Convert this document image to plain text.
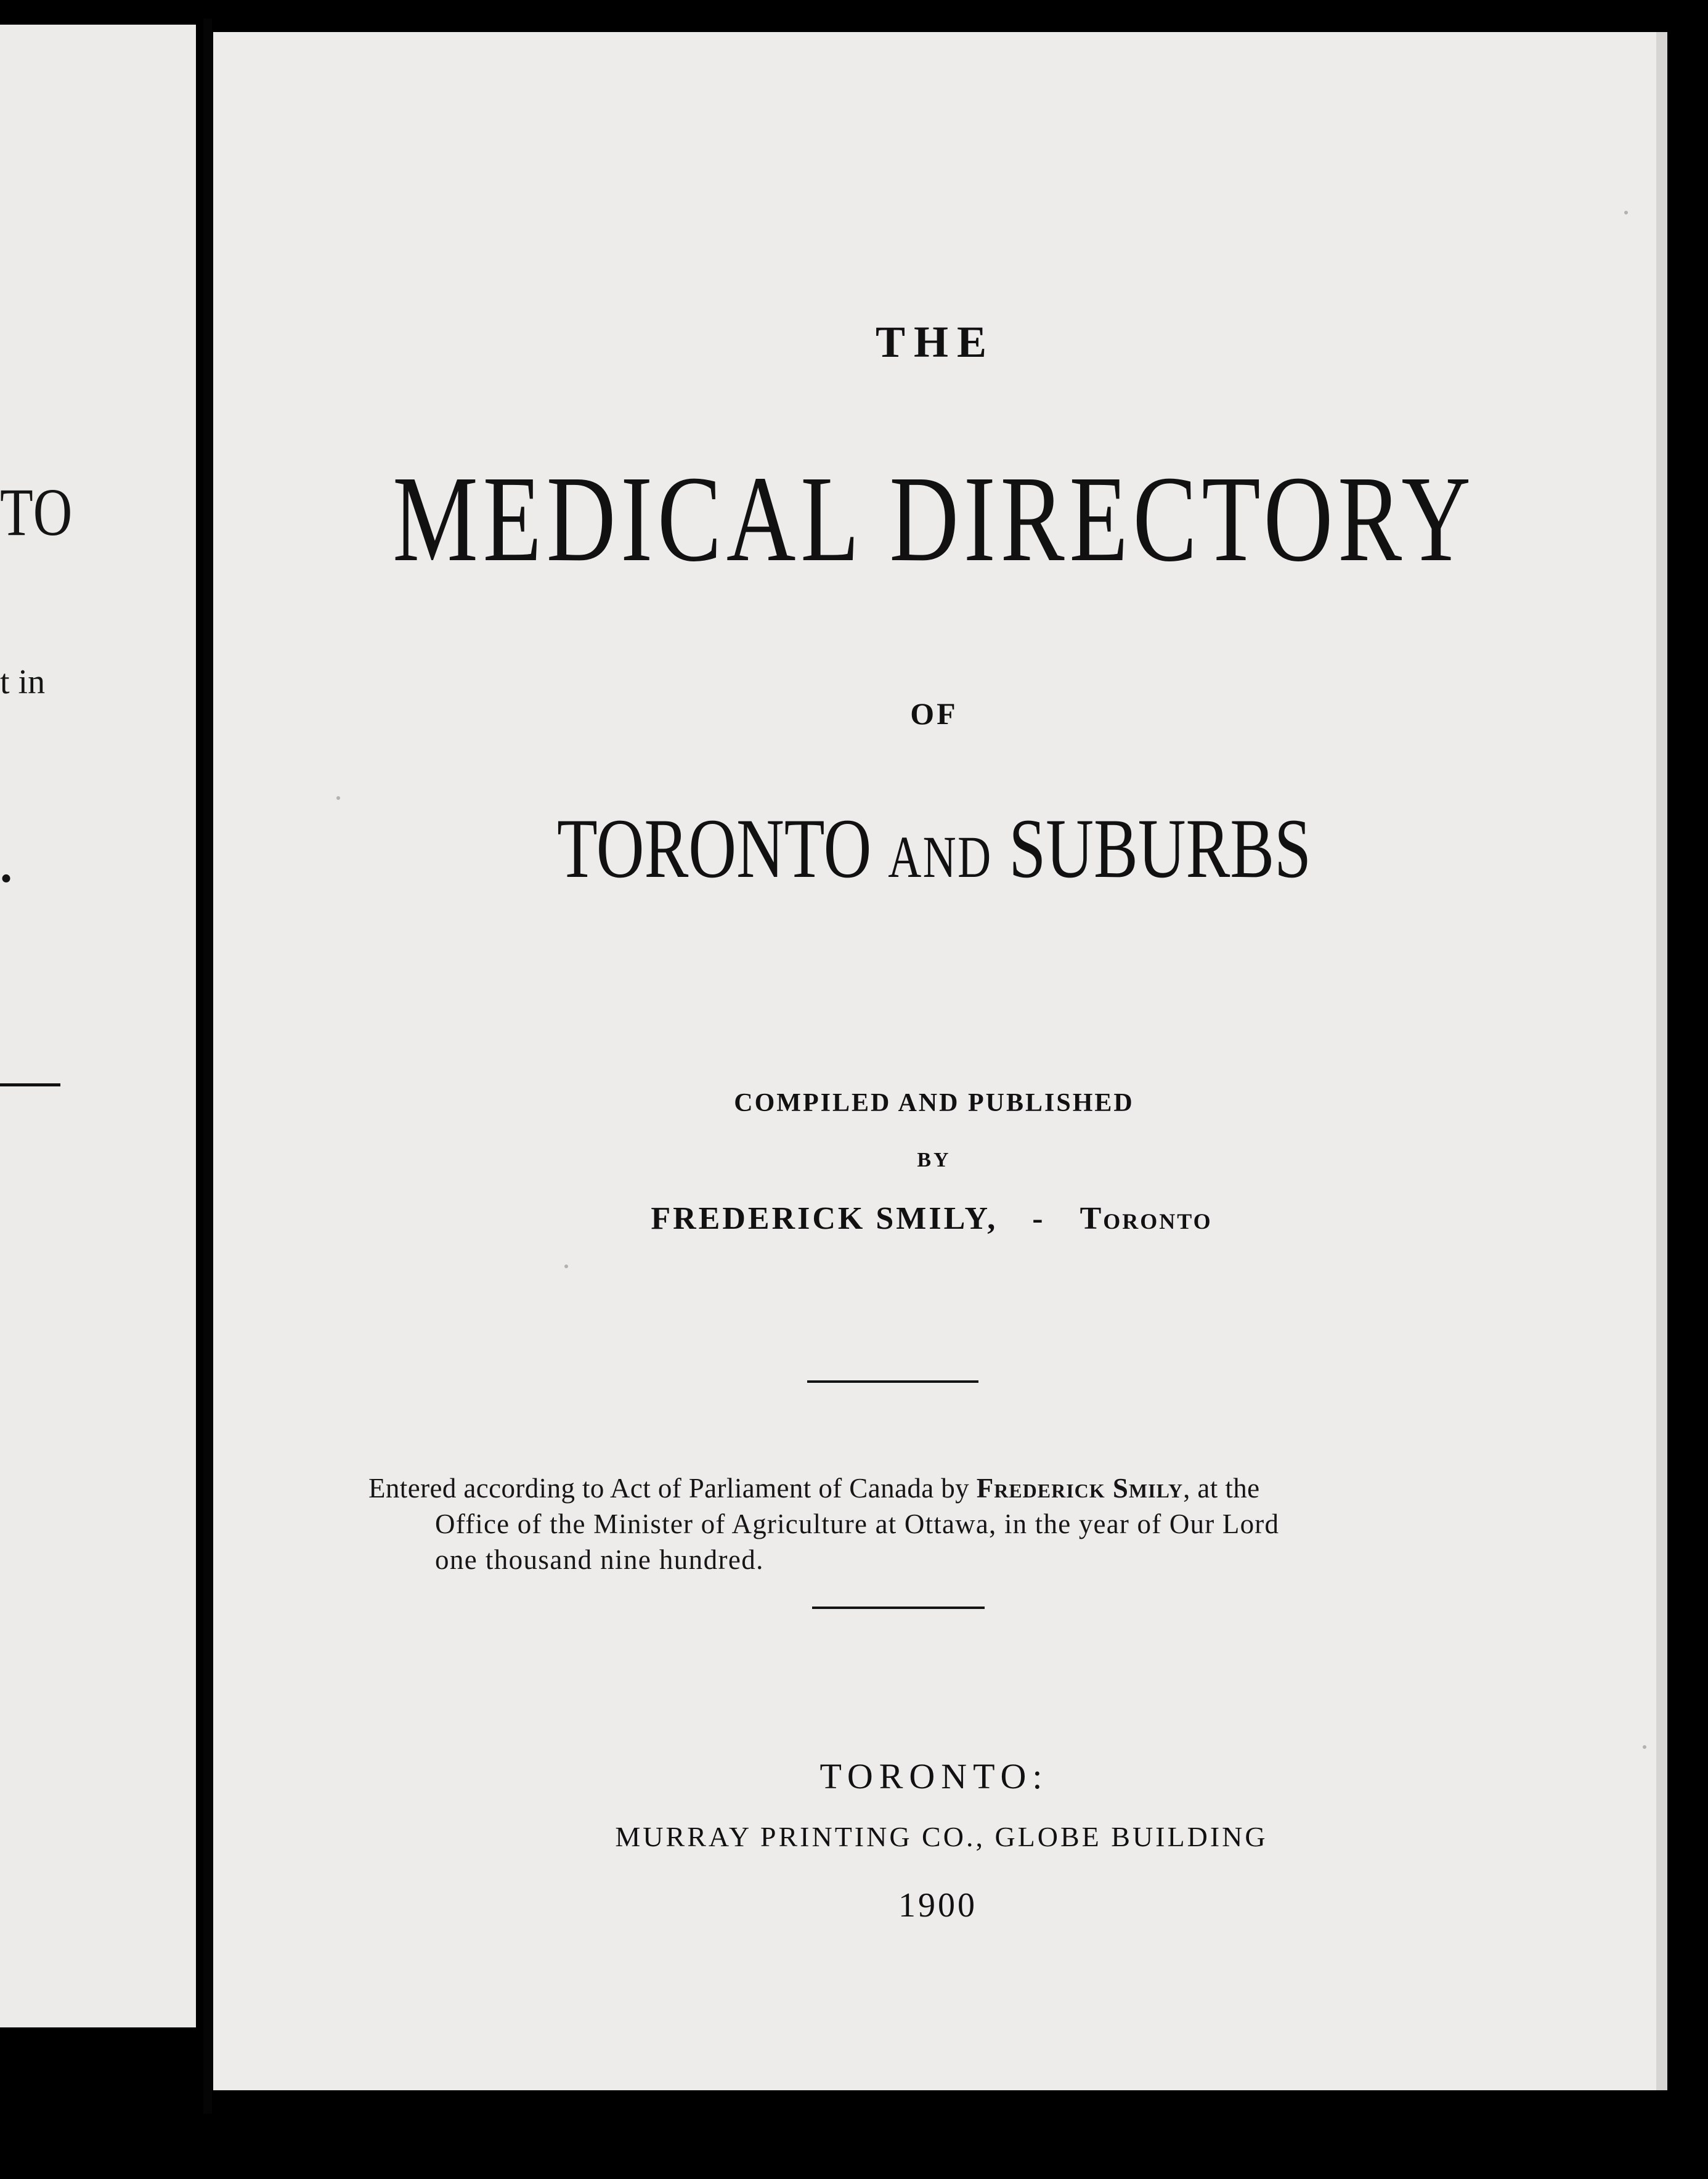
TO
t in
.
THE
MEDICAL DIRECTORY
OF
TORONTO AND SUBURBS
COMPILED AND PUBLISHED
BY
FREDERICK SMILY, - Toronto
Entered according to Act of Parliament of Canada by Frederick Smily, at the
Office of the Minister of Agriculture at Ottawa, in the year of Our Lord
one thousand nine hundred.
TORONTO:
MURRAY PRINTING CO., GLOBE BUILDING
1900
